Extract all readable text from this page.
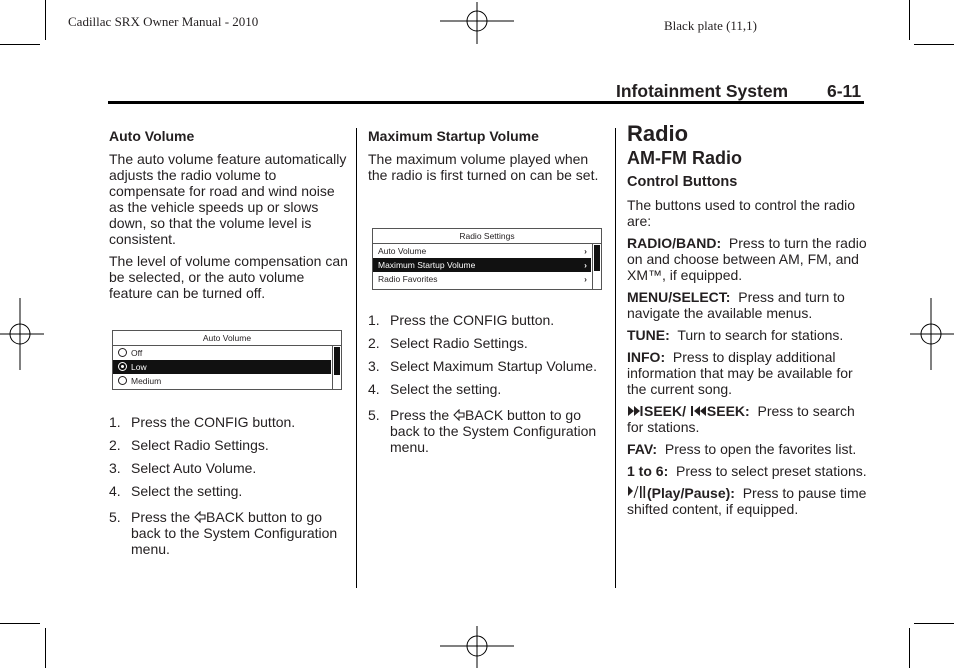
Cadillac SRX Owner Manual - 2010	Black plate (11,1)
Infotainment System 6-11

Auto Volume

The auto volume feature automatically adjusts the radio volume to compensate for road and wind noise as the vehicle speeds up or slows down, so that the volume level is consistent.

The level of volume compensation can be selected, or the auto volume feature can be turned off.

Auto Volume
Off
Low
Medium
1. Press the CONFIG button.
2. Select Radio Settings.
3. Select Auto Volume.
4. Select the setting.
5. Press the BACK button to go back to the System Configuration menu.

Maximum Startup Volume

The maximum volume played when the radio is first turned on can be set.

Radio Settings
Auto Volume	›
Maximum Startup Volume	›
Radio Favorites	›
1. Press the CONFIG button.
2. Select Radio Settings.
3. Select Maximum Startup Volume.
4. Select the setting.
5. Press the BACK button to go back to the System Configuration menu.
Radio
AM-FM Radio

Control Buttons

The buttons used to control the radio are:

RADIO/BAND: Press to turn the radio on and choose between AM, FM, and XM™, if equipped.

MENU/SELECT: Press and turn to navigate the available menus.

TUNE: Turn to search for stations.

INFO: Press to display additional information that may be available for the current song.

SEEK/ SEEK: Press to search for stations.

FAV: Press to open the favorites list.

1 to 6: Press to select preset stations.

(Play/Pause): Press to pause time shifted content, if equipped.
